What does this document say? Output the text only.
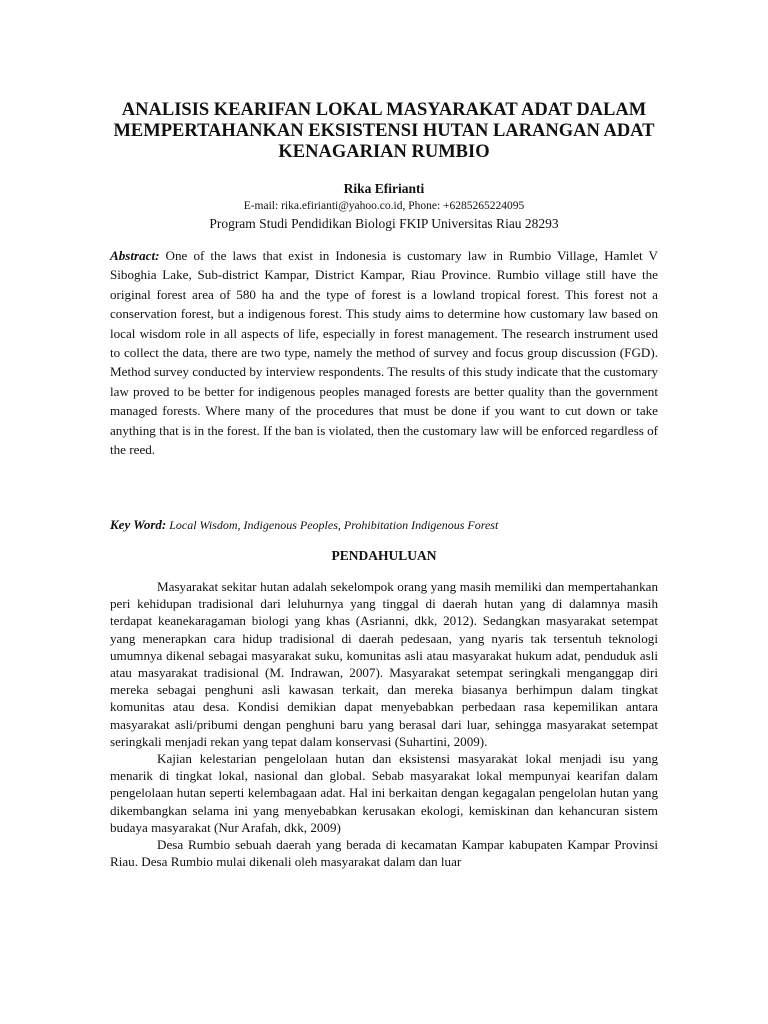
ANALISIS KEARIFAN LOKAL MASYARAKAT ADAT DALAM
MEMPERTAHANKAN EKSISTENSI HUTAN LARANGAN ADAT
KENAGARIAN RUMBIO
Rika Efirianti
E-mail: rika.efirianti@yahoo.co.id, Phone: +6285265224095
Program Studi Pendidikan Biologi FKIP Universitas Riau 28293

Abstract: One of the laws that exist in Indonesia is customary law in Rumbio Village, Hamlet V Siboghia Lake, Sub-district Kampar, District Kampar, Riau Province. Rumbio village still have the original forest area of 580 ha and the type of forest is a lowland tropical forest. This forest not a conservation forest, but a indigenous forest. This study aims to determine how customary law based on local wisdom role in all aspects of life, especially in forest management. The research instrument used to collect the data, there are two type, namely the method of survey and focus group discussion (FGD). Method survey conducted by interview respondents. The results of this study indicate that the customary law proved to be better for indigenous peoples managed forests are better quality than the government managed forests. Where many of the procedures that must be done if you want to cut down or take anything that is in the forest. If the ban is violated, then the customary law will be enforced regardless of the reed.

Key Word: Local Wisdom, Indigenous Peoples, Prohibitation Indigenous Forest

PENDAHULUAN

Masyarakat sekitar hutan adalah sekelompok orang yang masih memiliki dan mempertahankan peri kehidupan tradisional dari leluhurnya yang tinggal di daerah hutan yang di dalamnya masih terdapat keanekaragaman biologi yang khas (Asrianni, dkk, 2012). Sedangkan masyarakat setempat yang menerapkan cara hidup tradisional di daerah pedesaan, yang nyaris tak tersentuh teknologi umumnya dikenal sebagai masyarakat suku, komunitas asli atau masyarakat hukum adat, penduduk asli atau masyarakat tradisional (M. Indrawan, 2007). Masyarakat setempat seringkali menganggap diri mereka sebagai penghuni asli kawasan terkait, dan mereka biasanya berhimpun dalam tingkat komunitas atau desa. Kondisi demikian dapat menyebabkan perbedaan rasa kepemilikan antara masyarakat asli/pribumi dengan penghuni baru yang berasal dari luar, sehingga masyarakat setempat seringkali menjadi rekan yang tepat dalam konservasi (Suhartini, 2009).

Kajian kelestarian pengelolaan hutan dan eksistensi masyarakat lokal menjadi isu yang menarik di tingkat lokal, nasional dan global. Sebab masyarakat lokal mempunyai kearifan dalam pengelolaan hutan seperti kelembagaan adat. Hal ini berkaitan dengan kegagalan pengelolan hutan yang dikembangkan selama ini yang menyebabkan kerusakan ekologi, kemiskinan dan kehancuran sistem budaya masyarakat (Nur Arafah, dkk, 2009)

Desa Rumbio sebuah daerah yang berada di kecamatan Kampar kabupaten Kampar Provinsi Riau. Desa Rumbio mulai dikenali oleh masyarakat dalam dan luar
